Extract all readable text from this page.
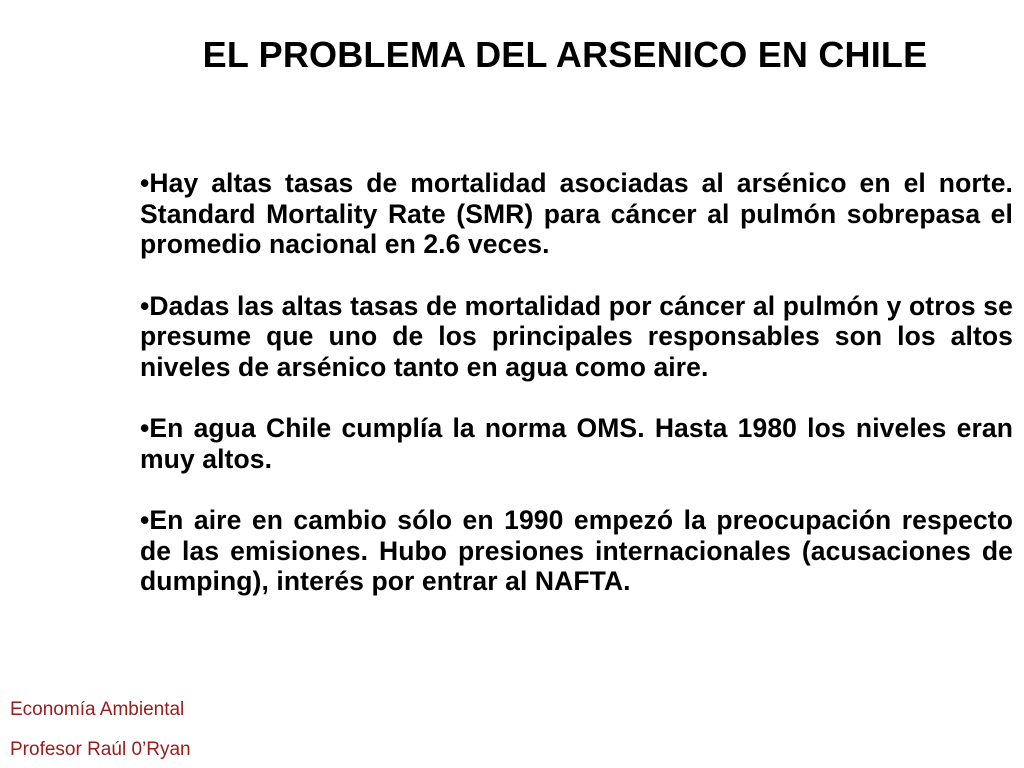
EL PROBLEMA DEL ARSENICO EN CHILE

•Hay altas tasas de mortalidad asociadas al arsénico en el norte. Standard Mortality Rate (SMR) para cáncer al pulmón sobrepasa el promedio nacional en 2.6 veces.

•Dadas las altas tasas de mortalidad por cáncer al pulmón y otros se presume que uno de los principales responsables son los altos niveles de arsénico tanto en agua como aire.

•En agua Chile cumplía la norma OMS. Hasta 1980 los niveles eran muy altos.

•En aire en cambio sólo en 1990 empezó la preocupación respecto de las emisiones. Hubo presiones internacionales (acusaciones de dumping), interés por entrar al NAFTA.

Economía Ambiental
Profesor Raúl 0’Ryan
